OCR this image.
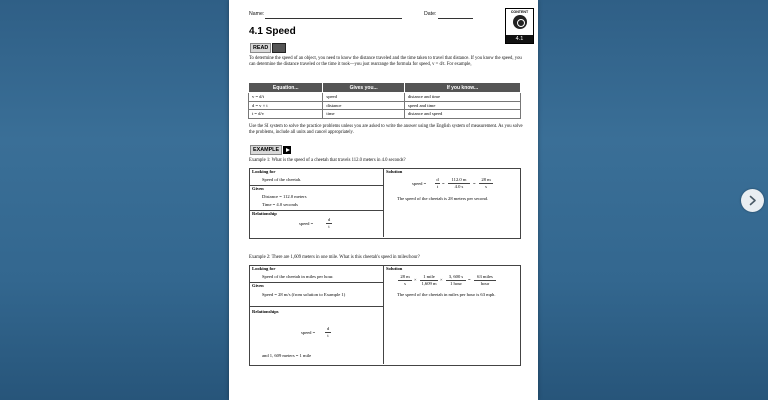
Name:	Date:	CONTENT
4.1
4.1 Speed
READ
To determine the speed of an object, you need to know the distance traveled and the time taken to travel that distance. If you know the speed, you can determine the distance traveled or the time it took—you just rearrange the formula for speed, v = d/t. For example,
Equation...	Gives you...	If you know...
v = d/t	speed	distance and time
d = v × t	distance	speed and time
t = d/v	time	distance and speed
Use the SI system to solve the practice problems unless you are asked to write the answer using the English system of measurement. As you solve the problems, include all units and cancel appropriately.
EXAMPLE
Example 1: What is the speed of a cheetah that travels 112.0 meters in 4.0 seconds?
Looking for
Speed of the cheetah.
Given
Distance = 112.0 meters
Time = 4.0 seconds
Relationship
speed =
d
t
Solution
speed =
d
t
=
112.0 m
4.0 s
=
28 m
s
The speed of the cheetah is 28 meters per second.
Example 2: There are 1,609 meters in one mile. What is this cheetah's speed in miles/hour?
Looking for
Speed of the cheetah in miles per hour.
Given
Speed = 28 m/s (from solution to Example 1)
Relationships
speed =
d
t
and 1, 609 meters = 1 mile
Solution
28 m
s
×
1 mile
1,609 m
×
3, 600 s
1 hour
=
63 miles
hour
The speed of the cheetah in miles per hour is 63 mph.
